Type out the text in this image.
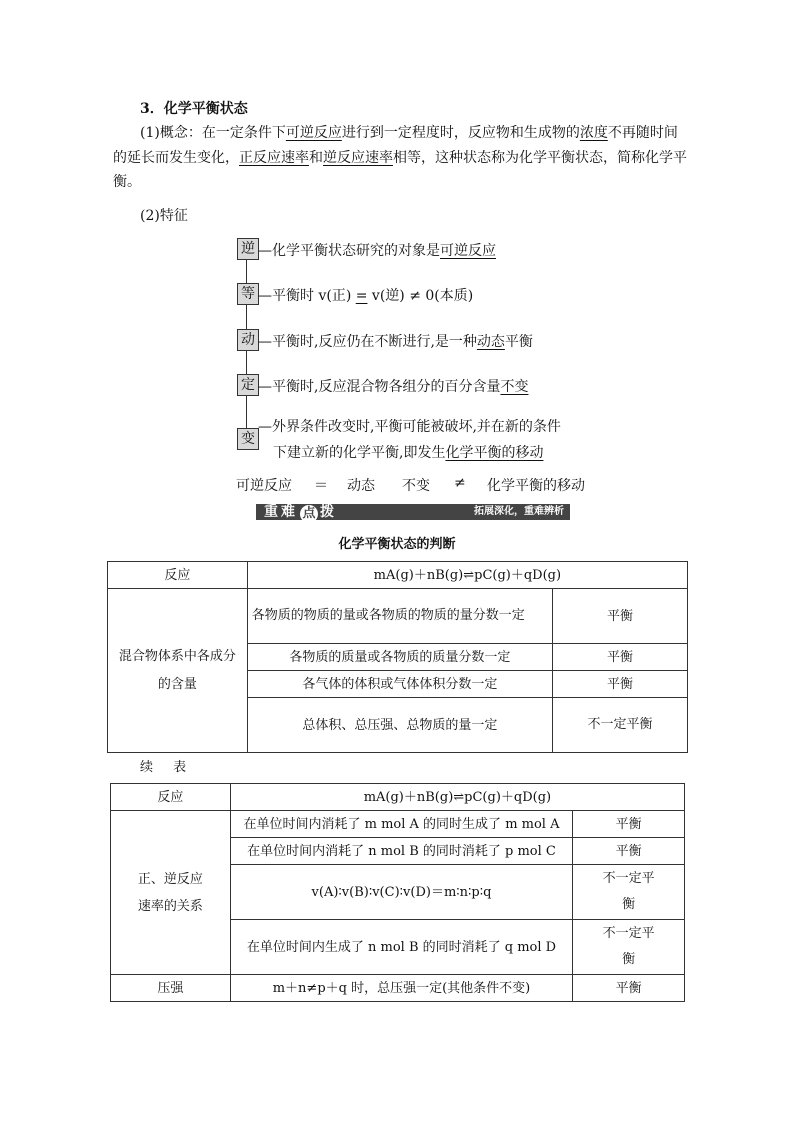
3．化学平衡状态
(1)概念：在一定条件下可逆反应进行到一定程度时，反应物和生成物的浓度不再随时间的延长而发生变化，正反应速率和逆反应速率相等，这种状态称为化学平衡状态，简称化学平衡。
(2)特征
逆 —化学平衡状态研究的对象是可逆反应
等 —平衡时 v(正) = v(逆) ≠ 0(本质)
动 —平衡时,反应仍在不断进行,是一种动态平衡
定 —平衡时,反应混合物各组分的百分含量不变
变
—外界条件改变时,平衡可能被破坏,并在新的条件
下建立新的化学平衡,即发生化学平衡的移动
可逆反应 ＝ 动态 不变 ≠ 化学平衡的移动
重难 点 拨	拓展深化，重难辨析
化学平衡状态的判断
反应	mA(g)＋nB(g)⇌pC(g)＋qD(g)	
混合物体系中各成分的含量	各物质的物质的量或各物质的物质的量分数一定	平衡
	各物质的质量或各物质的质量分数一定	平衡
	各气体的体积或气体体积分数一定	平衡
	总体积、总压强、总物质的量一定	不一定平衡
续 表
反应	mA(g)＋nB(g)⇌pC(g)＋qD(g)	
正、逆反应速率的关系	在单位时间内消耗了 m mol A 的同时生成了 m mol A	平衡
	在单位时间内消耗了 n mol B 的同时消耗了 p mol C	平衡
	v(A)∶v(B)∶v(C)∶v(D)＝m∶n∶p∶q	不一定平衡
	在单位时间内生成了 n mol B 的同时消耗了 q mol D	不一定平衡
压强	m＋n≠p＋q 时，总压强一定(其他条件不变)	平衡
